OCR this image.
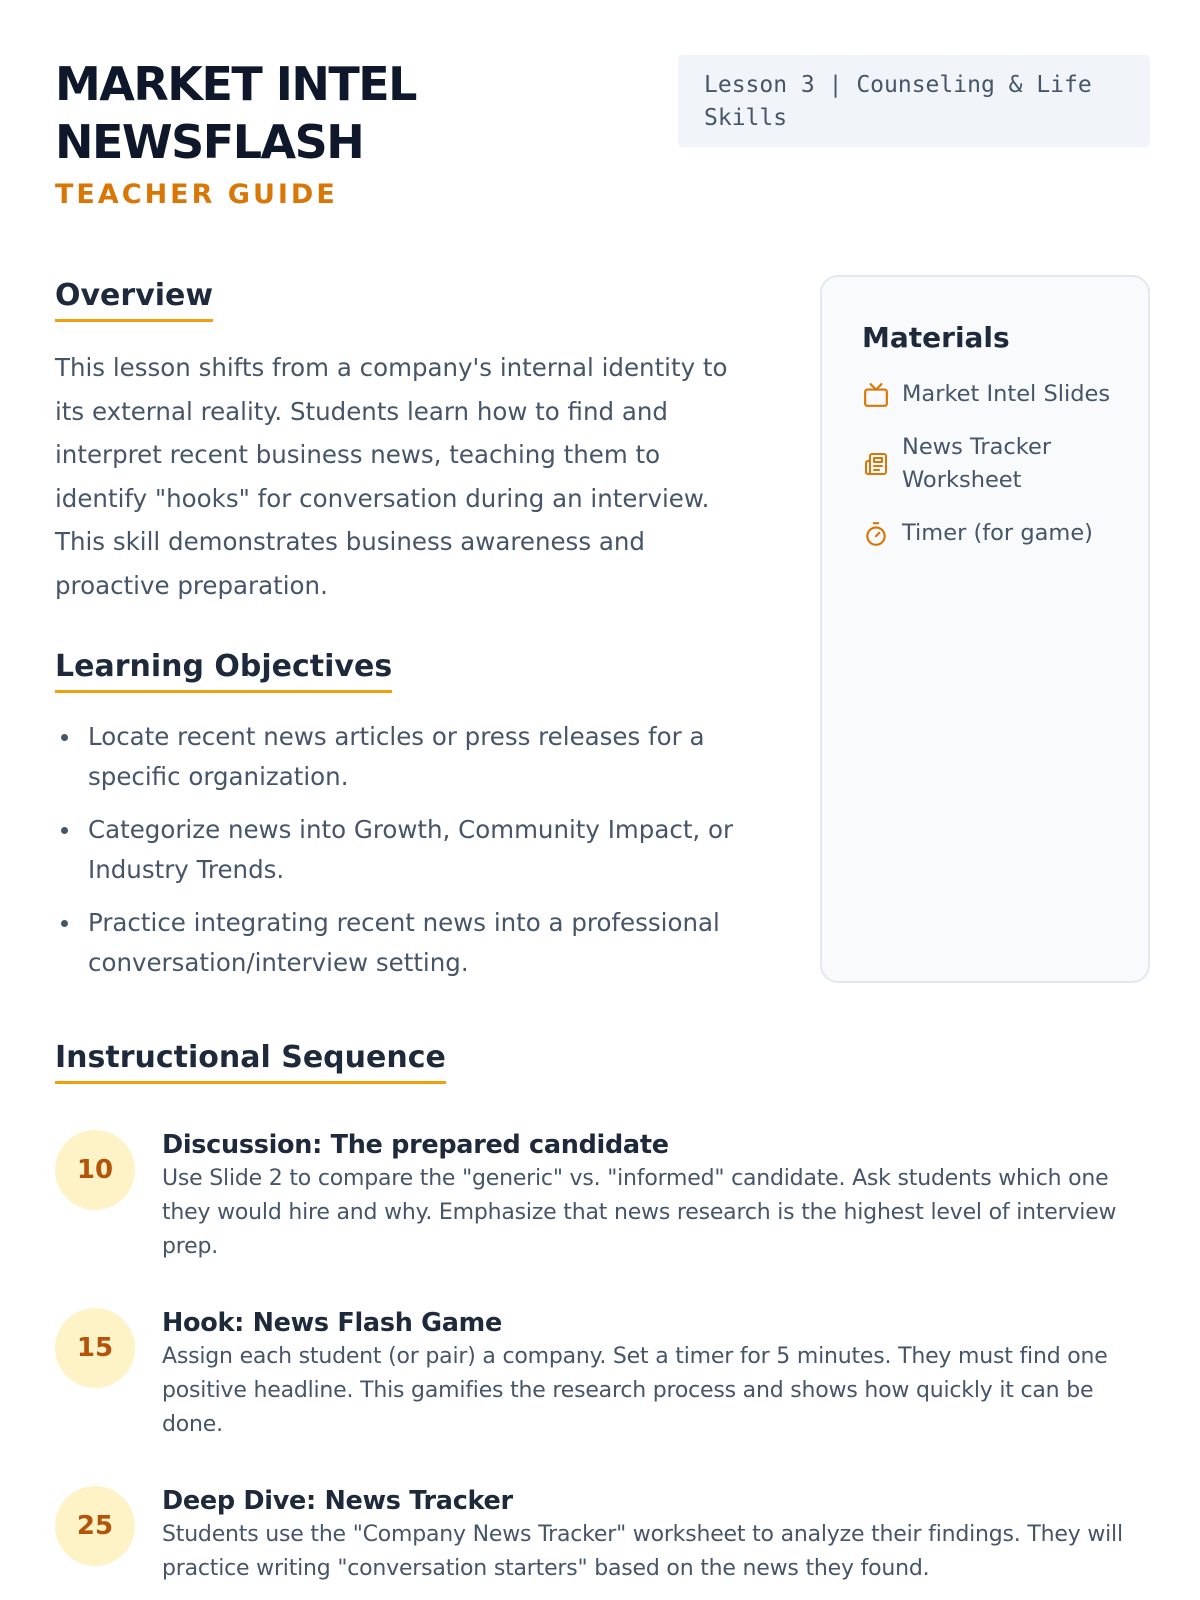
MARKET INTEL NEWSFLASH
TEACHER GUIDE
Lesson 3 | Counseling & Life Skills
Overview

This lesson shifts from a company's internal identity to its external reality. Students learn how to find and interpret recent business news, teaching them to identify "hooks" for conversation during an interview. This skill demonstrates business awareness and proactive preparation.

Learning Objectives
Locate recent news articles or press releases for a specific organization.
Categorize news into Growth, Community Impact, or Industry Trends.
Practice integrating recent news into a professional conversation/interview setting.
Materials
Market Intel Slides
News Tracker Worksheet
Timer (for game)
Instructional Sequence
10
Discussion: The prepared candidate
Use Slide 2 to compare the "generic" vs. "informed" candidate. Ask students which one they would hire and why. Emphasize that news research is the highest level of interview prep.
15
Hook: News Flash Game
Assign each student (or pair) a company. Set a timer for 5 minutes. They must find one positive headline. This gamifies the research process and shows how quickly it can be done.
25
Deep Dive: News Tracker
Students use the "Company News Tracker" worksheet to analyze their findings. They will practice writing "conversation starters" based on the news they found.
